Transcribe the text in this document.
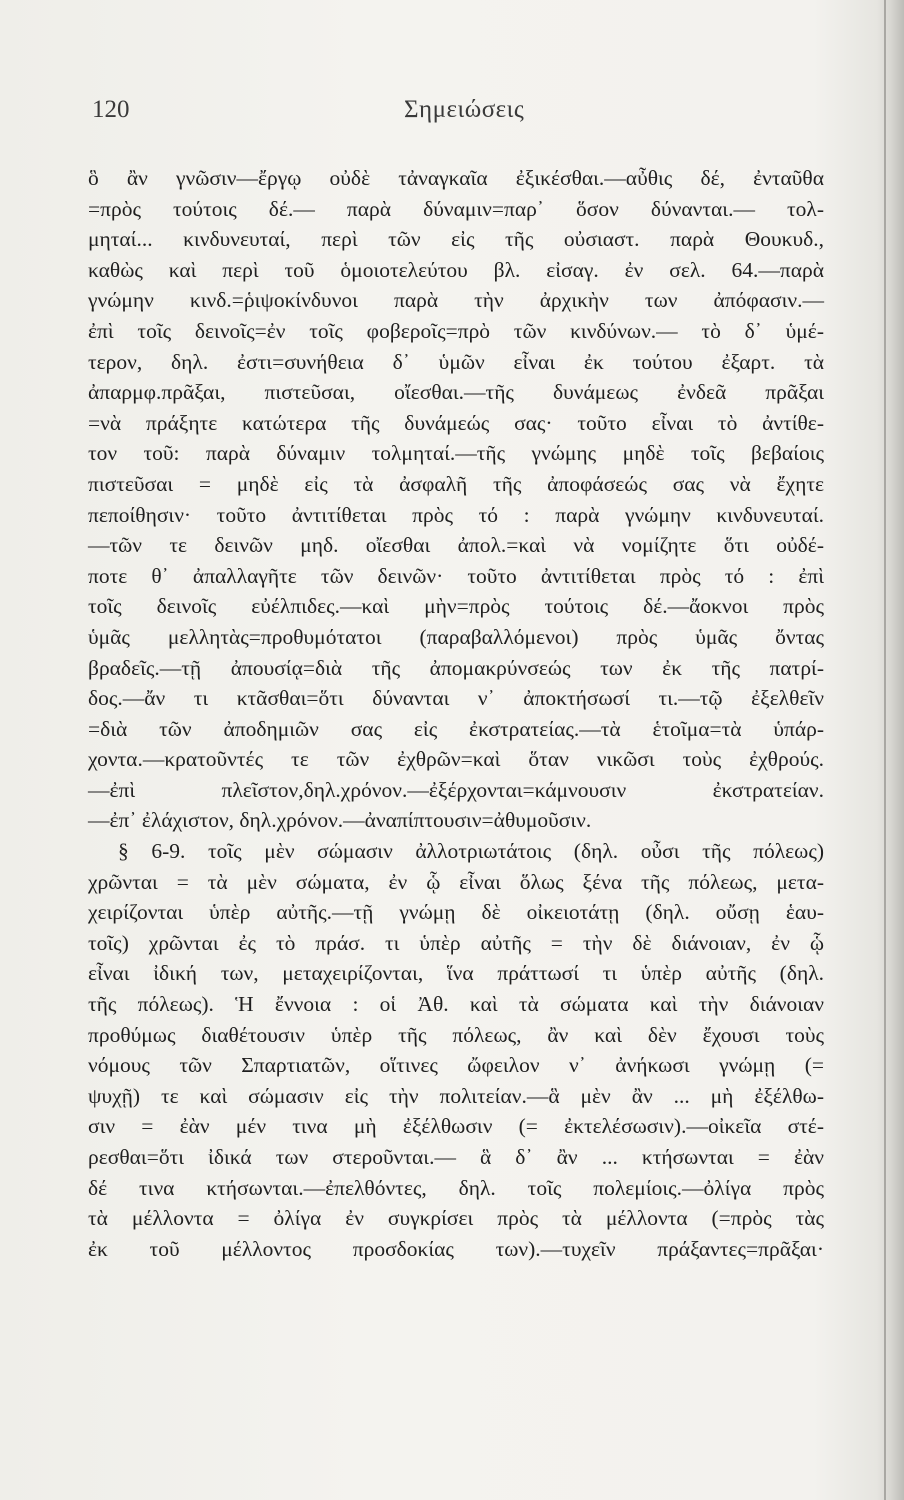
120	Σημειώσεις
ὃ ἂν γνῶσιν—ἔργῳ οὐδὲ τἀναγκαῖα ἐξικέσθαι.—αὖθις δέ, ἐνταῦθα
=πρὸς τούτοις δέ.— παρὰ δύναμιν=παρ᾽ ὅσον δύνανται.— τολ-
μηταί... κινδυνευταί, περὶ τῶν εἰς τῆς οὐσιαστ. παρὰ Θουκυδ.,
καθὼς καὶ περὶ τοῦ ὁμοιοτελεύτου βλ. εἰσαγ. ἐν σελ. 64.—παρὰ
γνώμην κινδ.=ῥιψοκίνδυνοι παρὰ τὴν ἀρχικὴν των ἀπόφασιν.—
ἐπὶ τοῖς δεινοῖς=ἐν τοῖς φοβεροῖς=πρὸ τῶν κινδύνων.— τὸ δ᾽ ὑμέ-
τερον, δηλ. ἐστι=συνήθεια δ᾽ ὑμῶν εἶναι ἐκ τούτου ἐξαρτ. τὰ
ἀπαρμφ.πρᾶξαι, πιστεῦσαι, οἴεσθαι.—τῆς δυνάμεως ἐνδεᾶ πρᾶξαι
=νὰ πράξητε κατώτερα τῆς δυνάμεώς σας· τοῦτο εἶναι τὸ ἀντίθε-
τον τοῦ: παρὰ δύναμιν τολμηταί.—τῆς γνώμης μηδὲ τοῖς βεβαίοις
πιστεῦσαι = μηδὲ εἰς τὰ ἀσφαλῆ τῆς ἀποφάσεώς σας νὰ ἔχητε
πεποίθησιν· τοῦτο ἀντιτίθεται πρὸς τό : παρὰ γνώμην κινδυνευταί.
—τῶν τε δεινῶν μηδ. οἴεσθαι ἀπολ.=καὶ νὰ νομίζητε ὅτι οὐδέ-
ποτε θ᾽ ἀπαλλαγῆτε τῶν δεινῶν· τοῦτο ἀντιτίθεται πρὸς τό : ἐπὶ
τοῖς δεινοῖς εὐέλπιδες.—καὶ μὴν=πρὸς τούτοις δέ.—ἄοκνοι πρὸς
ὑμᾶς μελλητὰς=προθυμότατοι (παραβαλλόμενοι) πρὸς ὑμᾶς ὄντας
βραδεῖς.—τῇ ἀπουσίᾳ=διὰ τῆς ἀπομακρύνσεώς των ἐκ τῆς πατρί-
δος.—ἄν τι κτᾶσθαι=ὅτι δύνανται ν᾽ ἀποκτήσωσί τι.—τῷ ἐξελθεῖν
=διὰ τῶν ἀποδημιῶν σας εἰς ἐκστρατείας.—τὰ ἑτοῖμα=τὰ ὑπάρ-
χοντα.—κρατοῦντές τε τῶν ἐχθρῶν=καὶ ὅταν νικῶσι τοὺς ἐχθρούς.
—ἐπὶ πλεῖστον,δηλ.χρόνον.—ἐξέρχονται=κάμνουσιν ἐκστρατείαν.
—ἐπ᾽ ἐλάχιστον, δηλ.χρόνον.—ἀναπίπτουσιν=ἀθυμοῦσιν.
§ 6-9. τοῖς μὲν σώμασιν ἀλλοτριωτάτοις (δηλ. οὖσι τῆς πόλεως)
χρῶνται = τὰ μὲν σώματα, ἐν ᾧ εἶναι ὅλως ξένα τῆς πόλεως, μετα-
χειρίζονται ὑπὲρ αὐτῆς.—τῇ γνώμῃ δὲ οἰκειοτάτῃ (δηλ. οὔσῃ ἑαυ-
τοῖς) χρῶνται ἐς τὸ πράσ. τι ὑπὲρ αὐτῆς = τὴν δὲ διάνοιαν, ἐν ᾧ
εἶναι ἰδική των, μεταχειρίζονται, ἵνα πράττωσί τι ὑπὲρ αὐτῆς (δηλ.
τῆς πόλεως). Ἡ ἔννοια : οἱ Ἀθ. καὶ τὰ σώματα καὶ τὴν διάνοιαν
προθύμως διαθέτουσιν ὑπὲρ τῆς πόλεως, ἂν καὶ δὲν ἔχουσι τοὺς
νόμους τῶν Σπαρτιατῶν, οἵτινες ὤφειλον ν᾽ ἀνήκωσι γνώμῃ (=
ψυχῇ) τε καὶ σώμασιν εἰς τὴν πολιτείαν.—ἃ μὲν ἂν ... μὴ ἐξέλθω-
σιν = ἐὰν μέν τινα μὴ ἐξέλθωσιν (= ἐκτελέσωσιν).—οἰκεῖα στέ-
ρεσθαι=ὅτι ἰδικά των στεροῦνται.— ἃ δ᾽ ἂν ... κτήσωνται = ἐὰν
δέ τινα κτήσωνται.—ἐπελθόντες, δηλ. τοῖς πολεμίοις.—ὀλίγα πρὸς
τὰ μέλλοντα = ὀλίγα ἐν συγκρίσει πρὸς τὰ μέλλοντα (=πρὸς τὰς
ἐκ τοῦ μέλλοντος προσδοκίας των).—τυχεῖν πράξαντες=πρᾶξαι·
